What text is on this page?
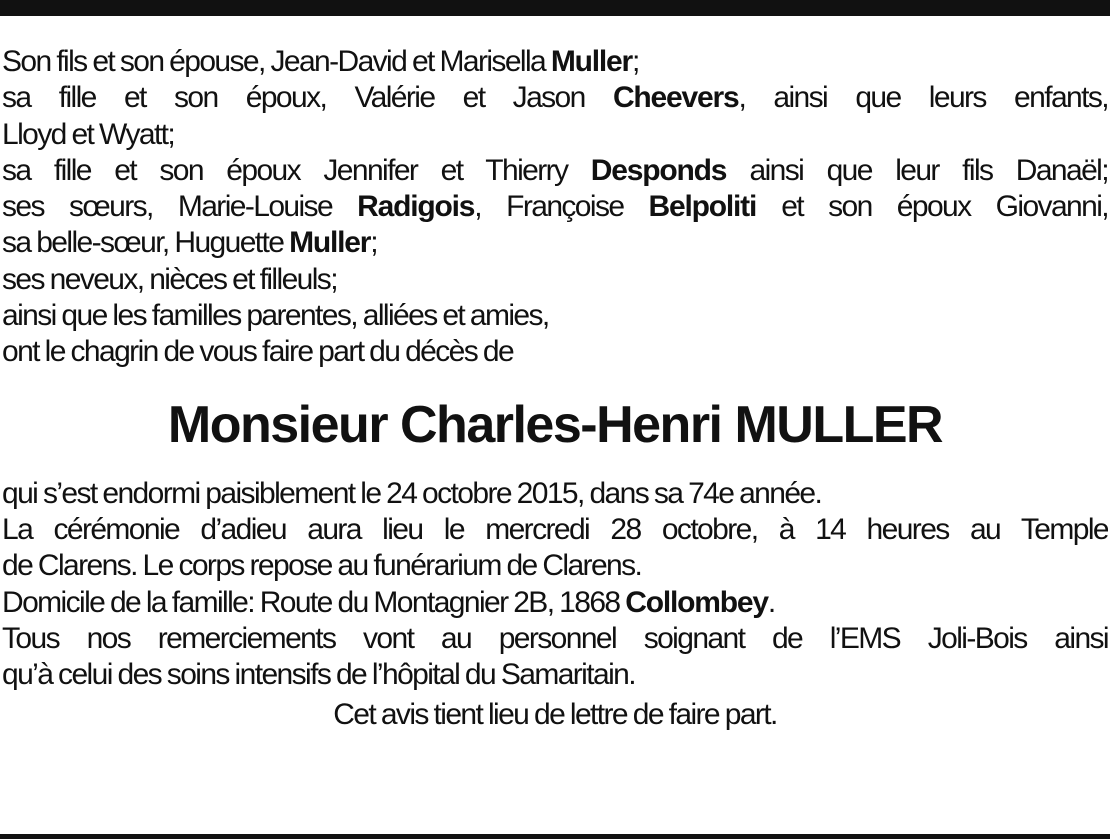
Son fils et son épouse, Jean-David et Marisella Muller;
sa fille et son époux, Valérie et Jason Cheevers, ainsi que leurs enfants,
Lloyd et Wyatt;
sa fille et son époux Jennifer et Thierry Desponds ainsi que leur fils Danaël;
ses sœurs, Marie-Louise Radigois, Françoise Belpoliti et son époux Giovanni,
sa belle-sœur, Huguette Muller;
ses neveux, nièces et filleuls;
ainsi que les familles parentes, alliées et amies,
ont le chagrin de vous faire part du décès de
Monsieur Charles-Henri MULLER
qui s’est endormi paisiblement le 24 octobre 2015, dans sa 74e année.
La cérémonie d’adieu aura lieu le mercredi 28 octobre, à 14 heures au Temple
de Clarens. Le corps repose au funérarium de Clarens.
Domicile de la famille: Route du Montagnier 2B, 1868 Collombey.
Tous nos remerciements vont au personnel soignant de l’EMS Joli-Bois ainsi
qu’à celui des soins intensifs de l’hôpital du Samaritain.
Cet avis tient lieu de lettre de faire part.
